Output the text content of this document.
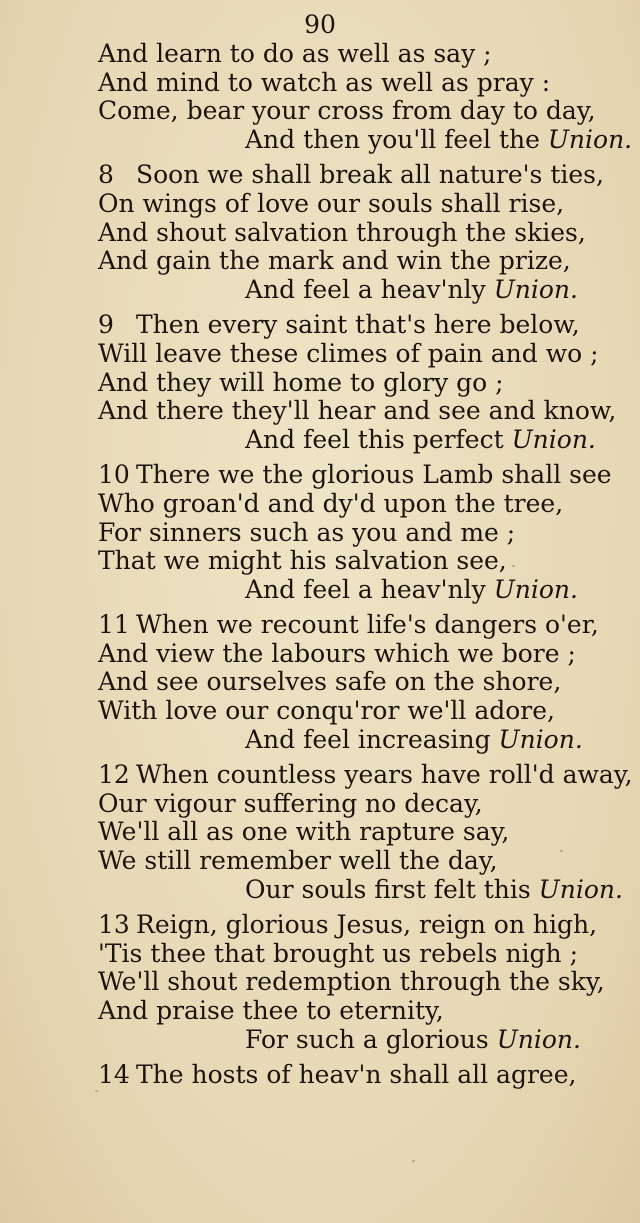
90
And learn to do as well as say ;
And mind to watch as well as pray :
Come, bear your cross from day to day,
And then you'll feel the Union.
8 Soon we shall break all nature's ties,
On wings of love our souls shall rise,
And shout salvation through the skies,
And gain the mark and win the prize,
And feel a heav'nly Union.
9 Then every saint that's here below,
Will leave these climes of pain and wo ;
And they will home to glory go ;
And there they'll hear and see and know,
And feel this perfect Union.
10 There we the glorious Lamb shall see
Who groan'd and dy'd upon the tree,
For sinners such as you and me ;
That we might his salvation see,
And feel a heav'nly Union.
11 When we recount life's dangers o'er,
And view the labours which we bore ;
And see ourselves safe on the shore,
With love our conqu'ror we'll adore,
And feel increasing Union.
12 When countless years have roll'd away,
Our vigour suffering no decay,
We'll all as one with rapture say,
We still remember well the day,
Our souls first felt this Union.
13 Reign, glorious Jesus, reign on high,
'Tis thee that brought us rebels nigh ;
We'll shout redemption through the sky,
And praise thee to eternity,
For such a glorious Union.
14 The hosts of heav'n shall all agree,
